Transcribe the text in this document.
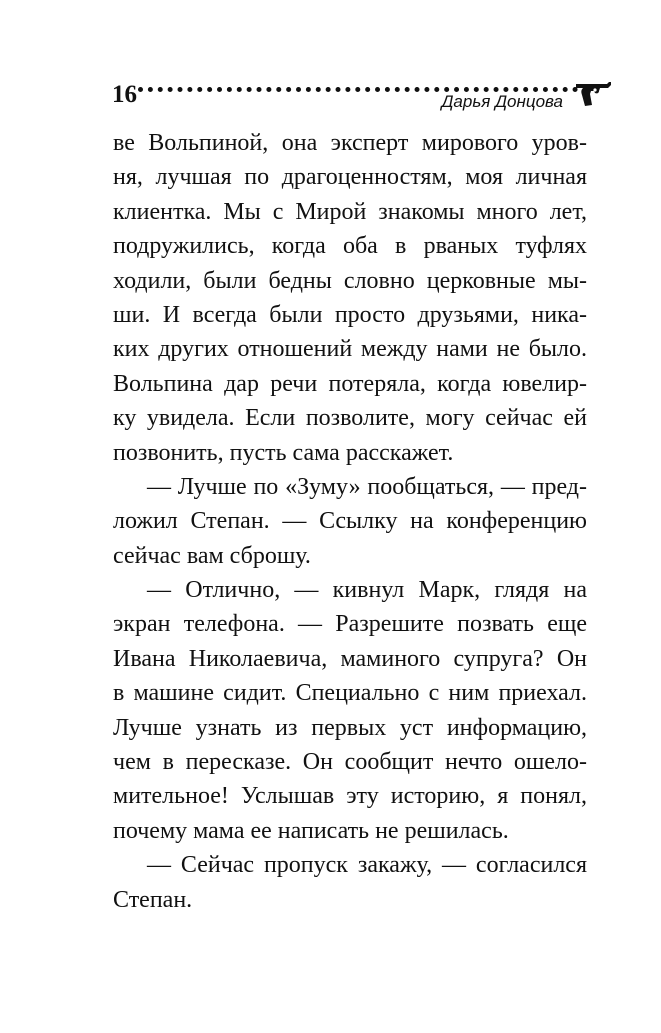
16	Дарья Донцова
ве Вольпиной, она эксперт мирового уров-
ня, лучшая по драгоценностям, моя личная
клиентка. Мы с Мирой знакомы много лет,
подружились, когда оба в рваных туфлях
ходили, были бедны словно церковные мы-
ши. И всегда были просто друзьями, ника-
ких других отношений между нами не было.
Вольпина дар речи потеряла, когда ювелир-
ку увидела. Если позволите, могу сейчас ей
позвонить, пусть сама расскажет.
— Лучше по «Зуму» пообщаться, — пред-
ложил Степан. — Ссылку на конференцию
сейчас вам сброшу.
— Отлично, — кивнул Марк, глядя на
экран телефона. — Разрешите позвать еще
Ивана Николаевича, маминого супруга? Он
в машине сидит. Специально с ним приехал.
Лучше узнать из первых уст информацию,
чем в пересказе. Он сообщит нечто ошело-
мительное! Услышав эту историю, я понял,
почему мама ее написать не решилась.
— Сейчас пропуск закажу, — согласился
Степан.
